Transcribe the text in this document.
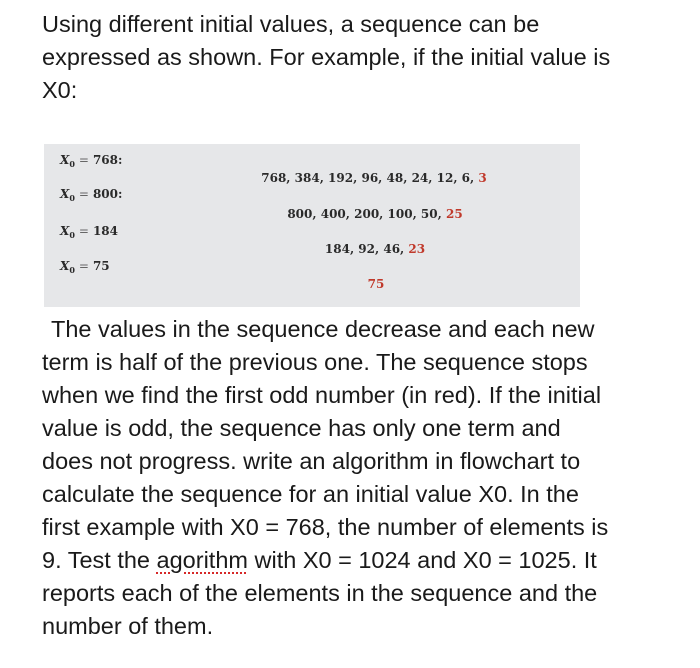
Using different initial values, a sequence can be
expressed as shown. For example, if the initial value is
X0:
$X_0 = 768$:
$X_0 = 800$:
$X_0 = 184$
$X_0 = 75$
768, 384, 192, 96, 48, 24, 12, 6, 3
800, 400, 200, 100, 50, 25
184, 92, 46, 23
75
The values in the sequence decrease and each new
term is half of the previous one. The sequence stops
when we find the first odd number (in red). If the initial
value is odd, the sequence has only one term and
does not progress. write an algorithm in flowchart to
calculate the sequence for an initial value X0. In the
first example with X0 = 768, the number of elements is
9. Test the agorithm with X0 = 1024 and X0 = 1025. It
reports each of the elements in the sequence and the
number of them.
